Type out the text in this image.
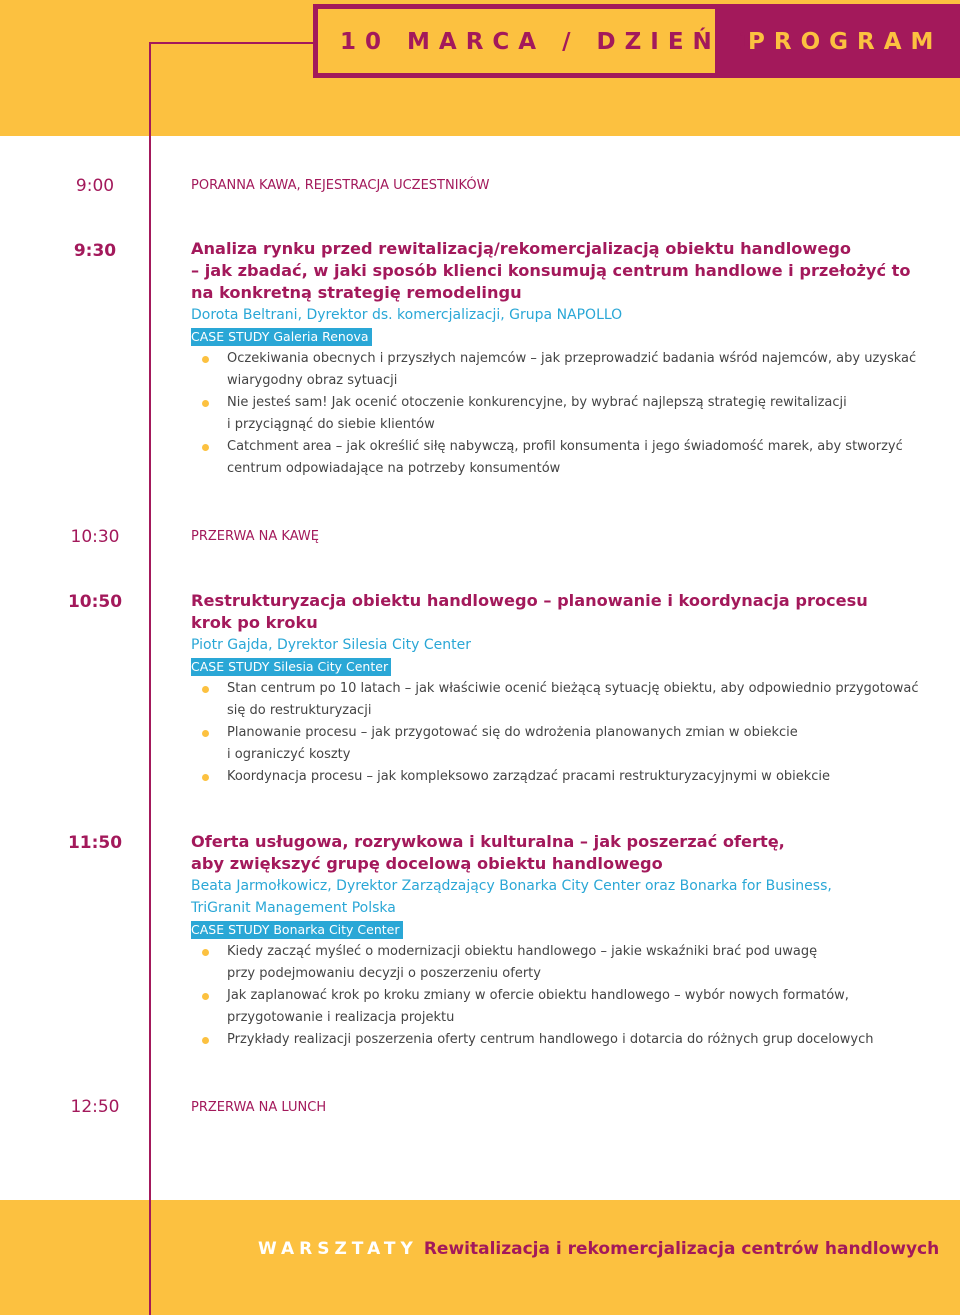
10 MARCA / DZIEŃ 1
PROGRAM
9:00	PORANNA KAWA, REJESTRACJA UCZESTNIKÓW
9:30	Analiza rynku przed rewitalizacją/rekomercjalizacją obiektu handlowego
– jak zbadać, w jaki sposób klienci konsumują centrum handlowe i przełożyć to
na konkretną strategię remodelingu
Dorota Beltrani, Dyrektor ds. komercjalizacji, Grupa NAPOLLO
CASE STUDY Galeria Renova
Oczekiwania obecnych i przyszłych najemców – jak przeprowadzić badania wśród najemców, aby uzyskać
wiarygodny obraz sytuacji
Nie jesteś sam! Jak ocenić otoczenie konkurencyjne, by wybrać najlepszą strategię rewitalizacji
i przyciągnąć do siebie klientów
Catchment area – jak określić siłę nabywczą, profil konsumenta i jego świadomość marek, aby stworzyć
centrum odpowiadające na potrzeby konsumentów
10:30	PRZERWA NA KAWĘ
10:50	Restrukturyzacja obiektu handlowego – planowanie i koordynacja procesu
krok po kroku
Piotr Gajda, Dyrektor Silesia City Center
CASE STUDY Silesia City Center
Stan centrum po 10 latach – jak właściwie ocenić bieżącą sytuację obiektu, aby odpowiednio przygotować
się do restrukturyzacji
Planowanie procesu – jak przygotować się do wdrożenia planowanych zmian w obiekcie
i ograniczyć koszty
Koordynacja procesu – jak kompleksowo zarządzać pracami restrukturyzacyjnymi w obiekcie
11:50	Oferta usługowa, rozrywkowa i kulturalna – jak poszerzać ofertę,
aby zwiększyć grupę docelową obiektu handlowego
Beata Jarmołkowicz, Dyrektor Zarządzający Bonarka City Center oraz Bonarka for Business,
TriGranit Management Polska
CASE STUDY Bonarka City Center
Kiedy zacząć myśleć o modernizacji obiektu handlowego – jakie wskaźniki brać pod uwagę
przy podejmowaniu decyzji o poszerzeniu oferty
Jak zaplanować krok po kroku zmiany w ofercie obiektu handlowego – wybór nowych formatów,
przygotowanie i realizacja projektu
Przykłady realizacji poszerzenia oferty centrum handlowego i dotarcia do różnych grup docelowych
12:50	PRZERWA NA LUNCH
WARSZTATY Rewitalizacja i rekomercjalizacja centrów handlowych
